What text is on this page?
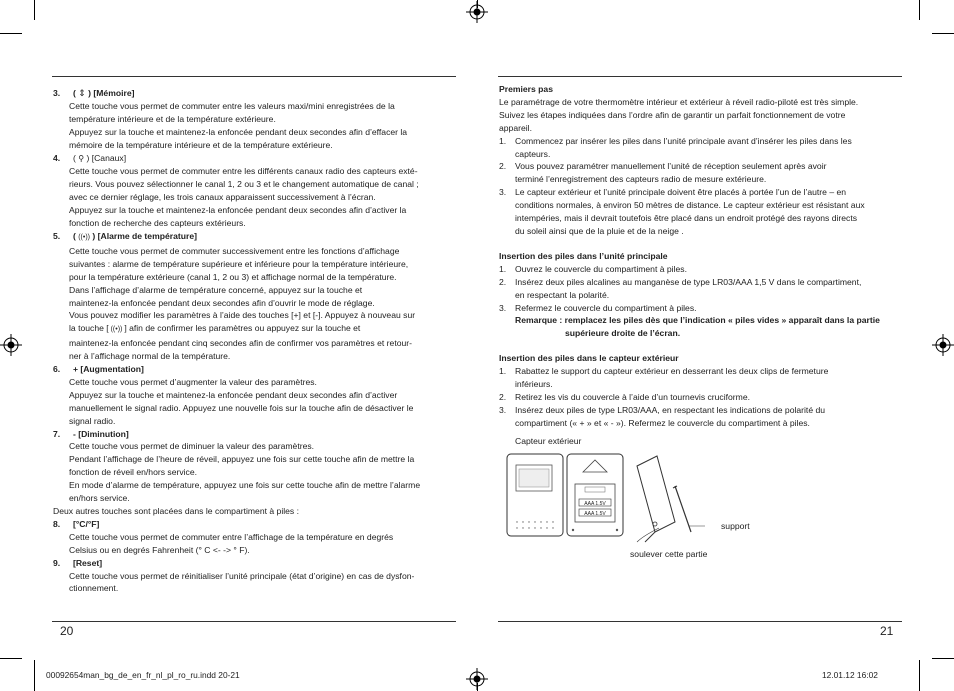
3. ( ⇕ ) [Mémoire]
Cette touche vous permet de commuter entre les valeurs maxi/mini enregistrées de la
température intérieure et de la température extérieure.
Appuyez sur la touche et maintenez-la enfoncée pendant deux secondes afin d’effacer la
mémoire de la température intérieure et de la température extérieure.
4.  ( ⚲ ) [Canaux]
Cette touche vous permet de commuter entre les différents canaux radio des capteurs exté-
rieurs. Vous pouvez sélectionner le canal 1, 2 ou 3 et le changement automatique de canal ;
avec ce dernier réglage, les trois canaux apparaissent successivement à l’écran.
Appuyez sur la touche et maintenez-la enfoncée pendant deux secondes afin d’activer la
fonction de recherche des capteurs extérieurs.
5. ( ((•)) ) [Alarme de température]
Cette touche vous permet de commuter successivement entre les fonctions d’affichage
suivantes : alarme de température supérieure et inférieure pour la température intérieure,
pour la température extérieure (canal 1, 2 ou 3) et affichage normal de la température.
Dans l’affichage d’alarme de température concerné, appuyez sur la touche et
maintenez-la enfoncée pendant deux secondes afin d’ouvrir le mode de réglage.
Vous pouvez modifier les paramètres à l’aide des touches [+] et [-]. Appuyez à nouveau sur
la touche [ ((•)) ] afin de confirmer les paramètres ou appuyez sur la touche et
maintenez-la enfoncée pendant cinq secondes afin de confirmer vos paramètres et retour-
ner à l’affichage normal de la température.
6. + [Augmentation]
Cette touche vous permet d’augmenter la valeur des paramètres.
Appuyez sur la touche et maintenez-la enfoncée pendant deux secondes afin d’activer
manuellement le signal radio. Appuyez une nouvelle fois sur la touche afin de désactiver le
signal radio.
7. - [Diminution]
Cette touche vous permet de diminuer la valeur des paramètres.
Pendant l’affichage de l’heure de réveil, appuyez une fois sur cette touche afin de mettre la
fonction de réveil en/hors service.
En mode d’alarme de température, appuyez une fois sur cette touche afin de mettre l’alarme
en/hors service.
Deux autres touches sont placées dans le compartiment à piles :
8. [°C/°F]
Cette touche vous permet de commuter entre l’affichage de la température en degrés
Celsius ou en degrés Fahrenheit (° C <- -> ° F).
9. [Reset]
Cette touche vous permet de réinitialiser l’unité principale (état d’origine) en cas de dysfon-
ctionnement.
20
Premiers pas
Le paramétrage de votre thermomètre intérieur et extérieur à réveil radio-piloté est très simple.
Suivez les étapes indiquées dans l’ordre afin de garantir un parfait fonctionnement de votre
appareil.
1. Commencez par insérer les piles dans l’unité principale avant d’insérer les piles dans les
capteurs.
2. Vous pouvez paramétrer manuellement l’unité de réception seulement après avoir
terminé l’enregistrement des capteurs radio de mesure extérieure.
3. Le capteur extérieur et l’unité principale doivent être placés à portée l’un de l’autre – en
conditions normales, à environ 50 mètres de distance. Le capteur extérieur est résistant aux
intempéries, mais il devrait toutefois être placé dans un endroit protégé des rayons directs
du soleil ainsi que de la pluie et de la neige .
Insertion des piles dans l’unité principale
1. Ouvrez le couvercle du compartiment à piles.
2. Insérez deux piles alcalines au manganèse de type LR03/AAA 1,5 V dans le compartiment,
en respectant la polarité.
3. Refermez le couvercle du compartiment à piles.
Remarque : remplacez les piles dès que l’indication « piles vides » apparaît dans la partie
supérieure droite de l’écran.
Insertion des piles dans le capteur extérieur
1. Rabattez le support du capteur extérieur en desserrant les deux clips de fermeture
inférieurs.
2. Retirez les vis du couvercle à l’aide d’un tournevis cruciforme.
3. Insérez deux piles de type LR03/AAA, en respectant les indications de polarité du
compartiment (« + » et « - »). Refermez le couvercle du compartiment à piles.
Capteur extérieur
AAA 1.5V
AAA 1.5V
support
soulever cette partie
21
00092654man_bg_de_en_fr_nl_pl_ro_ru.indd 20-21	12.01.12 16:02
